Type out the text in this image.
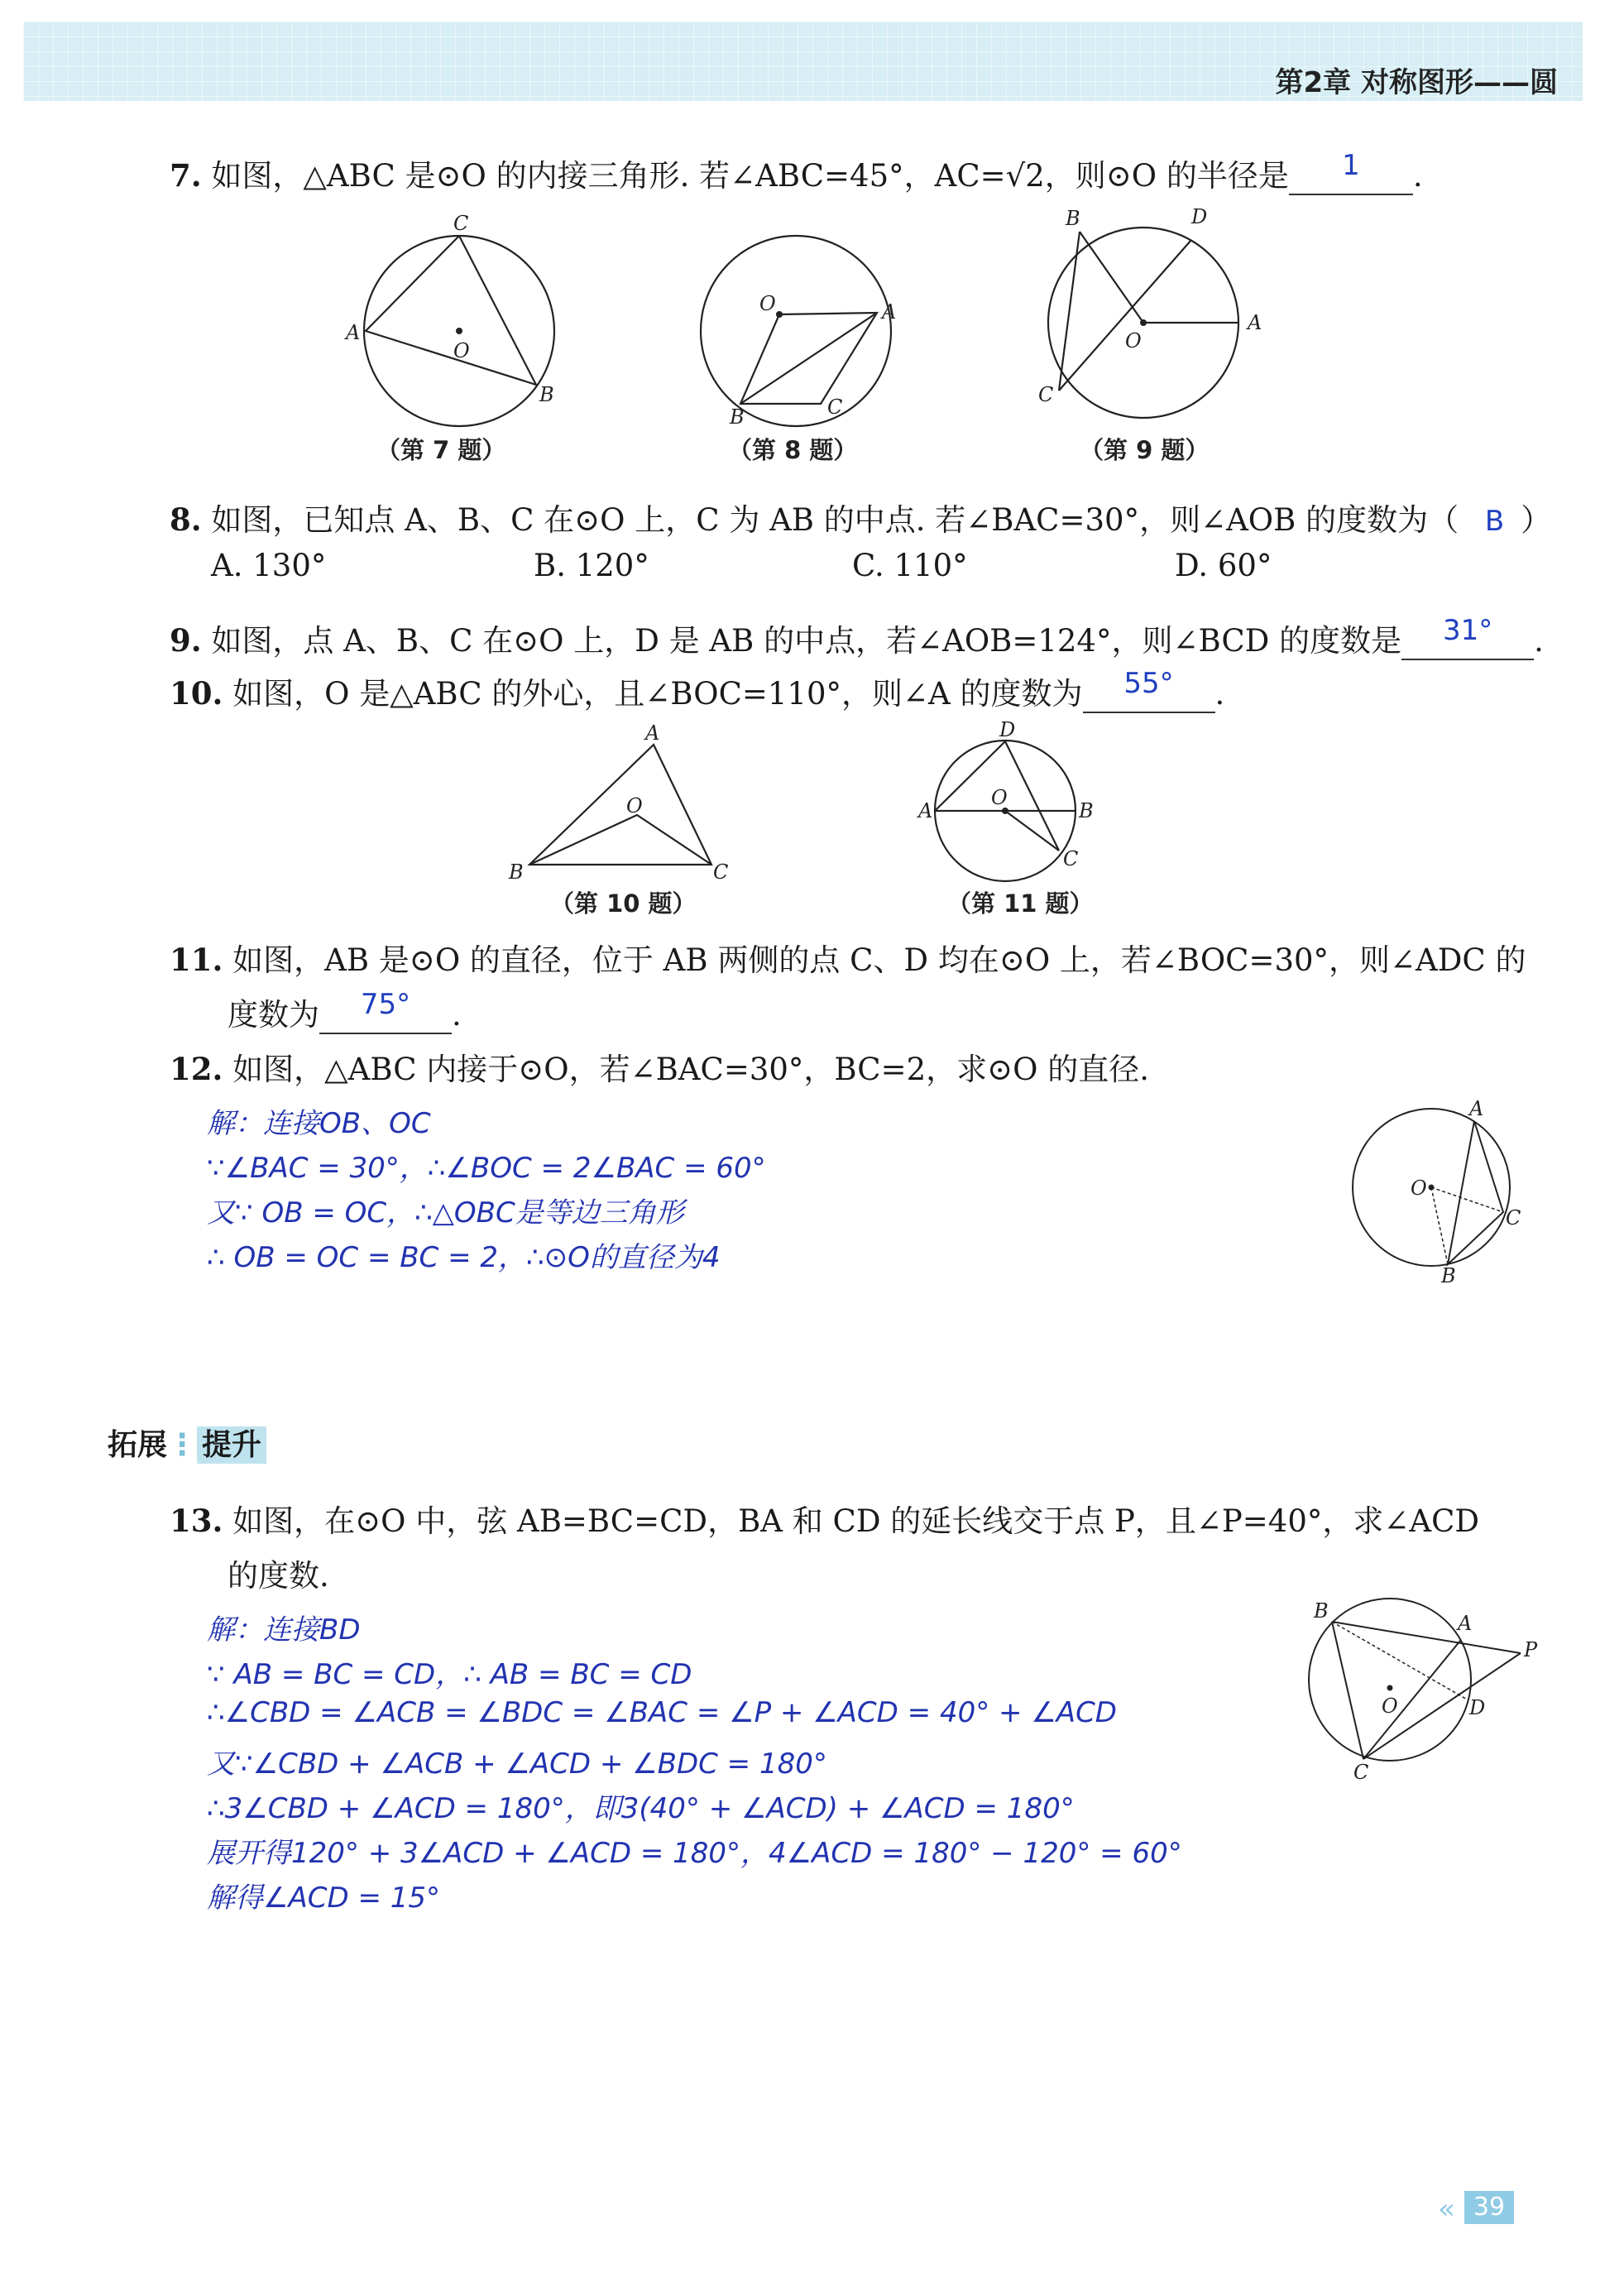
第2章 对称图形——圆
7. 如图，△ABC 是⊙O 的内接三角形. 若∠ABC=45°，AC=√2，则⊙O 的半径是 1 .
C
A
O
B
O	A
B	C
B	D
O
A
C
（第 7 题）	（第 8 题）	（第 9 题）
8. 如图，已知点 A、B、C 在⊙O 上，C 为 AB 的中点. 若∠BAC=30°，则∠AOB 的度数为（ B ）
A. 130°	B. 120°	C. 110°	D. 60°
9. 如图，点 A、B、C 在⊙O 上，D 是 AB 的中点，若∠AOB=124°，则∠BCD 的度数是 31° .
10. 如图，O 是△ABC 的外心，且∠BOC=110°，则∠A 的度数为 55° .
A
O
B	C
D
A
O
B
C
（第 10 题）	（第 11 题）
11. 如图，AB 是⊙O 的直径，位于 AB 两侧的点 C、D 均在⊙O 上，若∠BOC=30°，则∠ADC 的
度数为 75° .
12. 如图，△ABC 内接于⊙O，若∠BAC=30°，BC=2，求⊙O 的直径.
解：连接OB、OC
∵∠BAC = 30°，∴∠BOC = 2∠BAC = 60°
又∵ OB = OC，∴△OBC是等边三角形
∴ OB = OC = BC = 2，∴⊙O的直径为4
A
O
C
B
拓展⋮ 提升
13. 如图，在⊙O 中，弦 AB=BC=CD，BA 和 CD 的延长线交于点 P，且∠P=40°，求∠ACD
的度数.
解：连接BD
∵ AB = BC = CD，∴ AB = BC = CD
∴∠CBD = ∠ACB = ∠BDC = ∠BAC = ∠P + ∠ACD = 40° + ∠ACD
又∵∠CBD + ∠ACB + ∠ACD + ∠BDC = 180°
∴3∠CBD + ∠ACD = 180°，即3(40° + ∠ACD) + ∠ACD = 180°
展开得120° + 3∠ACD + ∠ACD = 180°，4∠ACD = 180° − 120° = 60°
解得∠ACD = 15°
B
A
P
O	D
C
« 39
